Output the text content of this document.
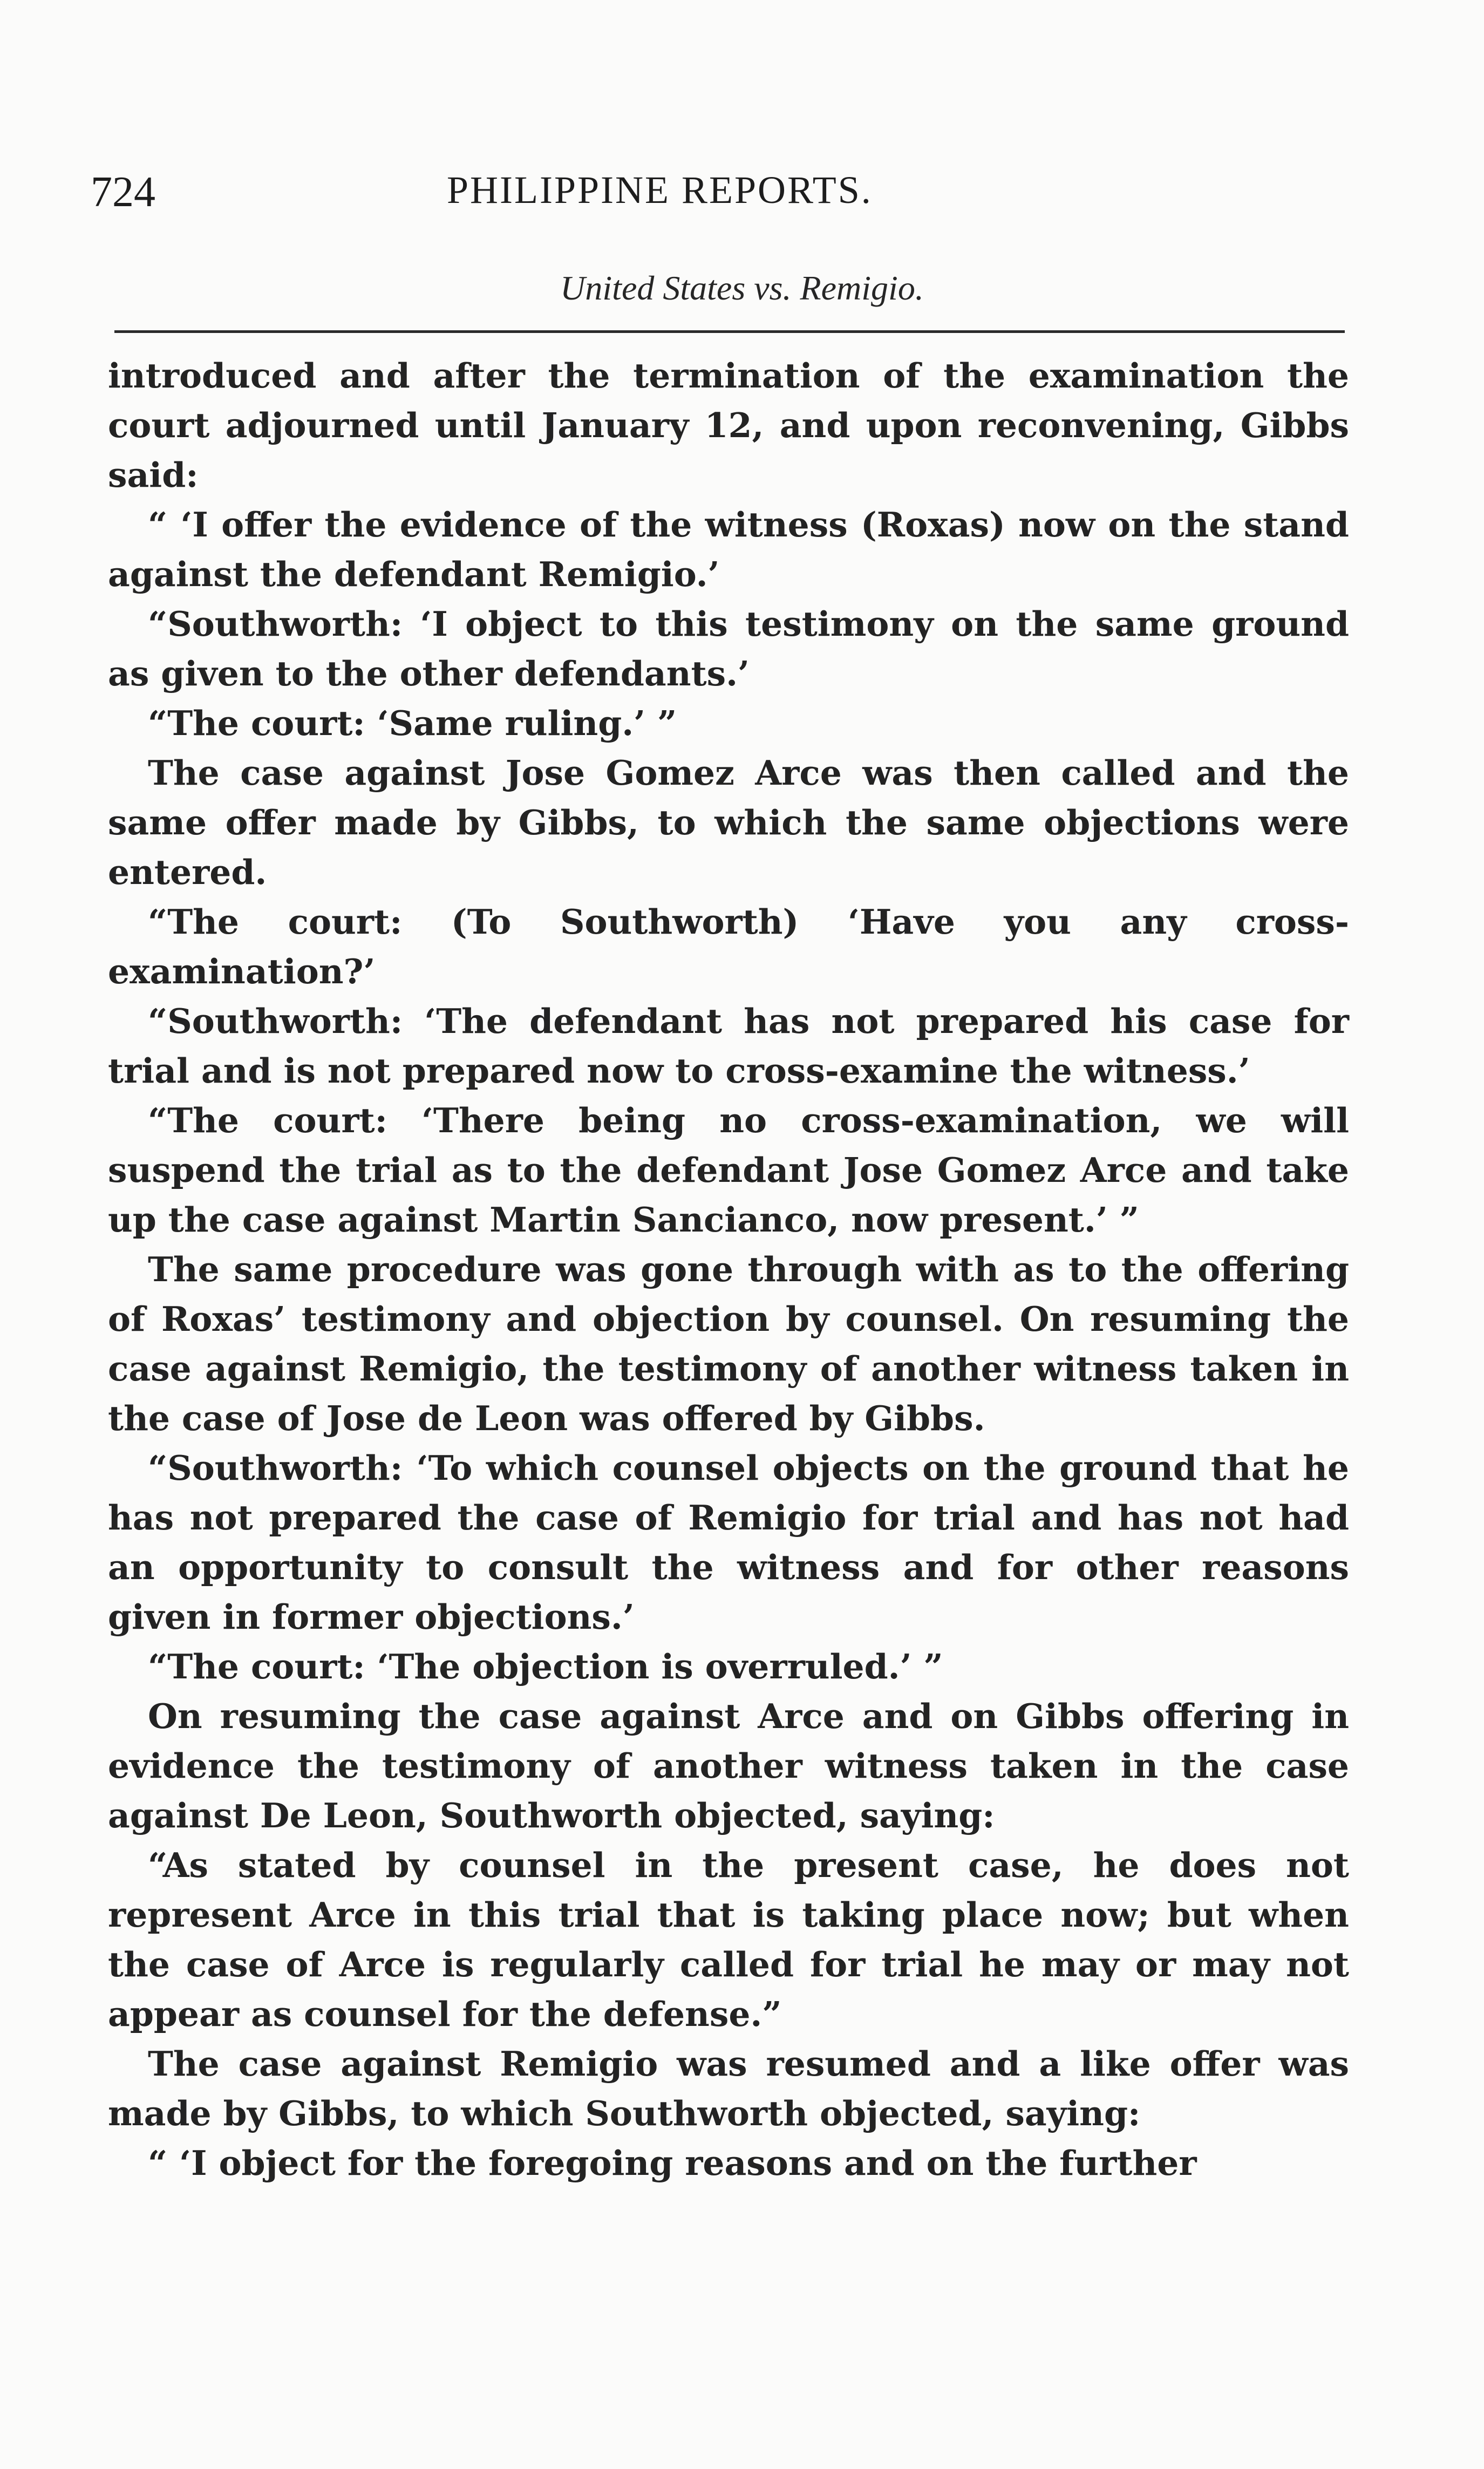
724	PHILIPPINE REPORTS.
United States vs. Remigio.

introduced and after the termination of the examination the court adjourned until January 12, and upon reconvening, Gibbs said:

“ ‘I offer the evidence of the witness (Roxas) now on the stand against the defendant Remigio.’

“Southworth: ‘I object to this testimony on the same ground as given to the other defendants.’

“The court: ‘Same ruling.’ ”

The case against Jose Gomez Arce was then called and the same offer made by Gibbs, to which the same objections were entered.

“The court: (To Southworth) ‘Have you any cross-examination?’

“Southworth: ‘The defendant has not prepared his case for trial and is not prepared now to cross-examine the witness.’

“The court: ‘There being no cross-examination, we will suspend the trial as to the defendant Jose Gomez Arce and take up the case against Martin Sancianco, now present.’ ”

The same procedure was gone through with as to the offering of Roxas’ testimony and objection by counsel. On resuming the case against Remigio, the testimony of another witness taken in the case of Jose de Leon was offered by Gibbs.

“Southworth: ‘To which counsel objects on the ground that he has not prepared the case of Remigio for trial and has not had an opportunity to consult the witness and for other reasons given in former objections.’

“The court: ‘The objection is overruled.’ ”

On resuming the case against Arce and on Gibbs offering in evidence the testimony of another witness taken in the case against De Leon, Southworth objected, saying:

“As stated by counsel in the present case, he does not represent Arce in this trial that is taking place now; but when the case of Arce is regularly called for trial he may or may not appear as counsel for the defense.”

The case against Remigio was resumed and a like offer was made by Gibbs, to which Southworth objected, saying:

“ ‘I object for the foregoing reasons and on the further
